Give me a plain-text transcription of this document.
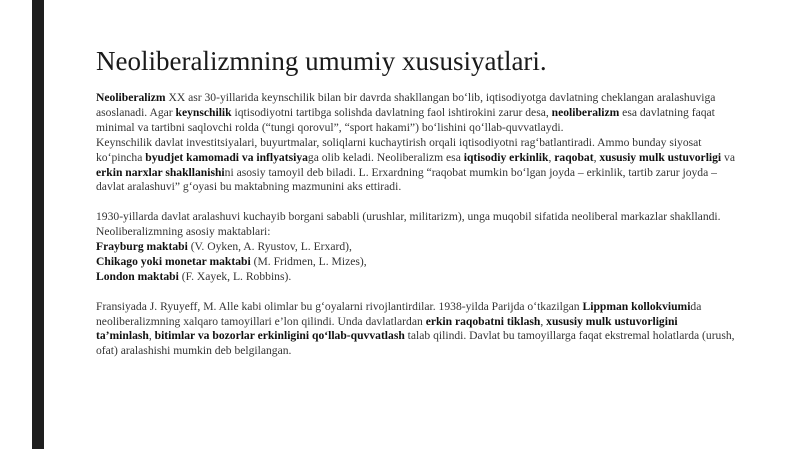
Neoliberalizmning umumiy xususiyatlari.

Neoliberalizm XX asr 30-yillarida keynschilik bilan bir davrda shakllangan bo‘lib, iqtisodiyotga davlatning cheklangan aralashuviga asoslanadi. Agar keynschilik iqtisodiyotni tartibga solishda davlatning faol ishtirokini zarur desa, neoliberalizm esa davlatning faqat minimal va tartibni saqlovchi rolda (“tungi qorovul”, “sport hakami”) bo‘lishini qo‘llab-quvvatlaydi.
Keynschilik davlat investitsiyalari, buyurtmalar, soliqlarni kuchaytirish orqali iqtisodiyotni rag‘batlantiradi. Ammo bunday siyosat ko‘pincha byudjet kamomadi va inflyatsiyaga olib keladi. Neoliberalizm esa iqtisodiy erkinlik, raqobat, xususiy mulk ustuvorligi va erkin narxlar shakllanishini asosiy tamoyil deb biladi. L. Erxardning “raqobat mumkin bo‘lgan joyda – erkinlik, tartib zarur joyda – davlat aralashuvi” g‘oyasi bu maktabning mazmunini aks ettiradi.

1930-yillarda davlat aralashuvi kuchayib borgani sababli (urushlar, militarizm), unga muqobil sifatida neoliberal markazlar shakllandi. Neoliberalizmning asosiy maktablari:
Frayburg maktabi (V. Oyken, A. Ryustov, L. Erxard),
Chikago yoki monetar maktabi (M. Fridmen, L. Mizes),
London maktabi (F. Xayek, L. Robbins).

Fransiyada J. Ryuyeff, M. Alle kabi olimlar bu g‘oyalarni rivojlantirdilar. 1938-yilda Parijda o‘tkazilgan Lippman kollokviumida neoliberalizmning xalqaro tamoyillari e’lon qilindi. Unda davlatlardan erkin raqobatni tiklash, xususiy mulk ustuvorligini ta’minlash, bitimlar va bozorlar erkinligini qo‘llab-quvvatlash talab qilindi. Davlat bu tamoyillarga faqat ekstremal holatlarda (urush, ofat) aralashishi mumkin deb belgilangan.
